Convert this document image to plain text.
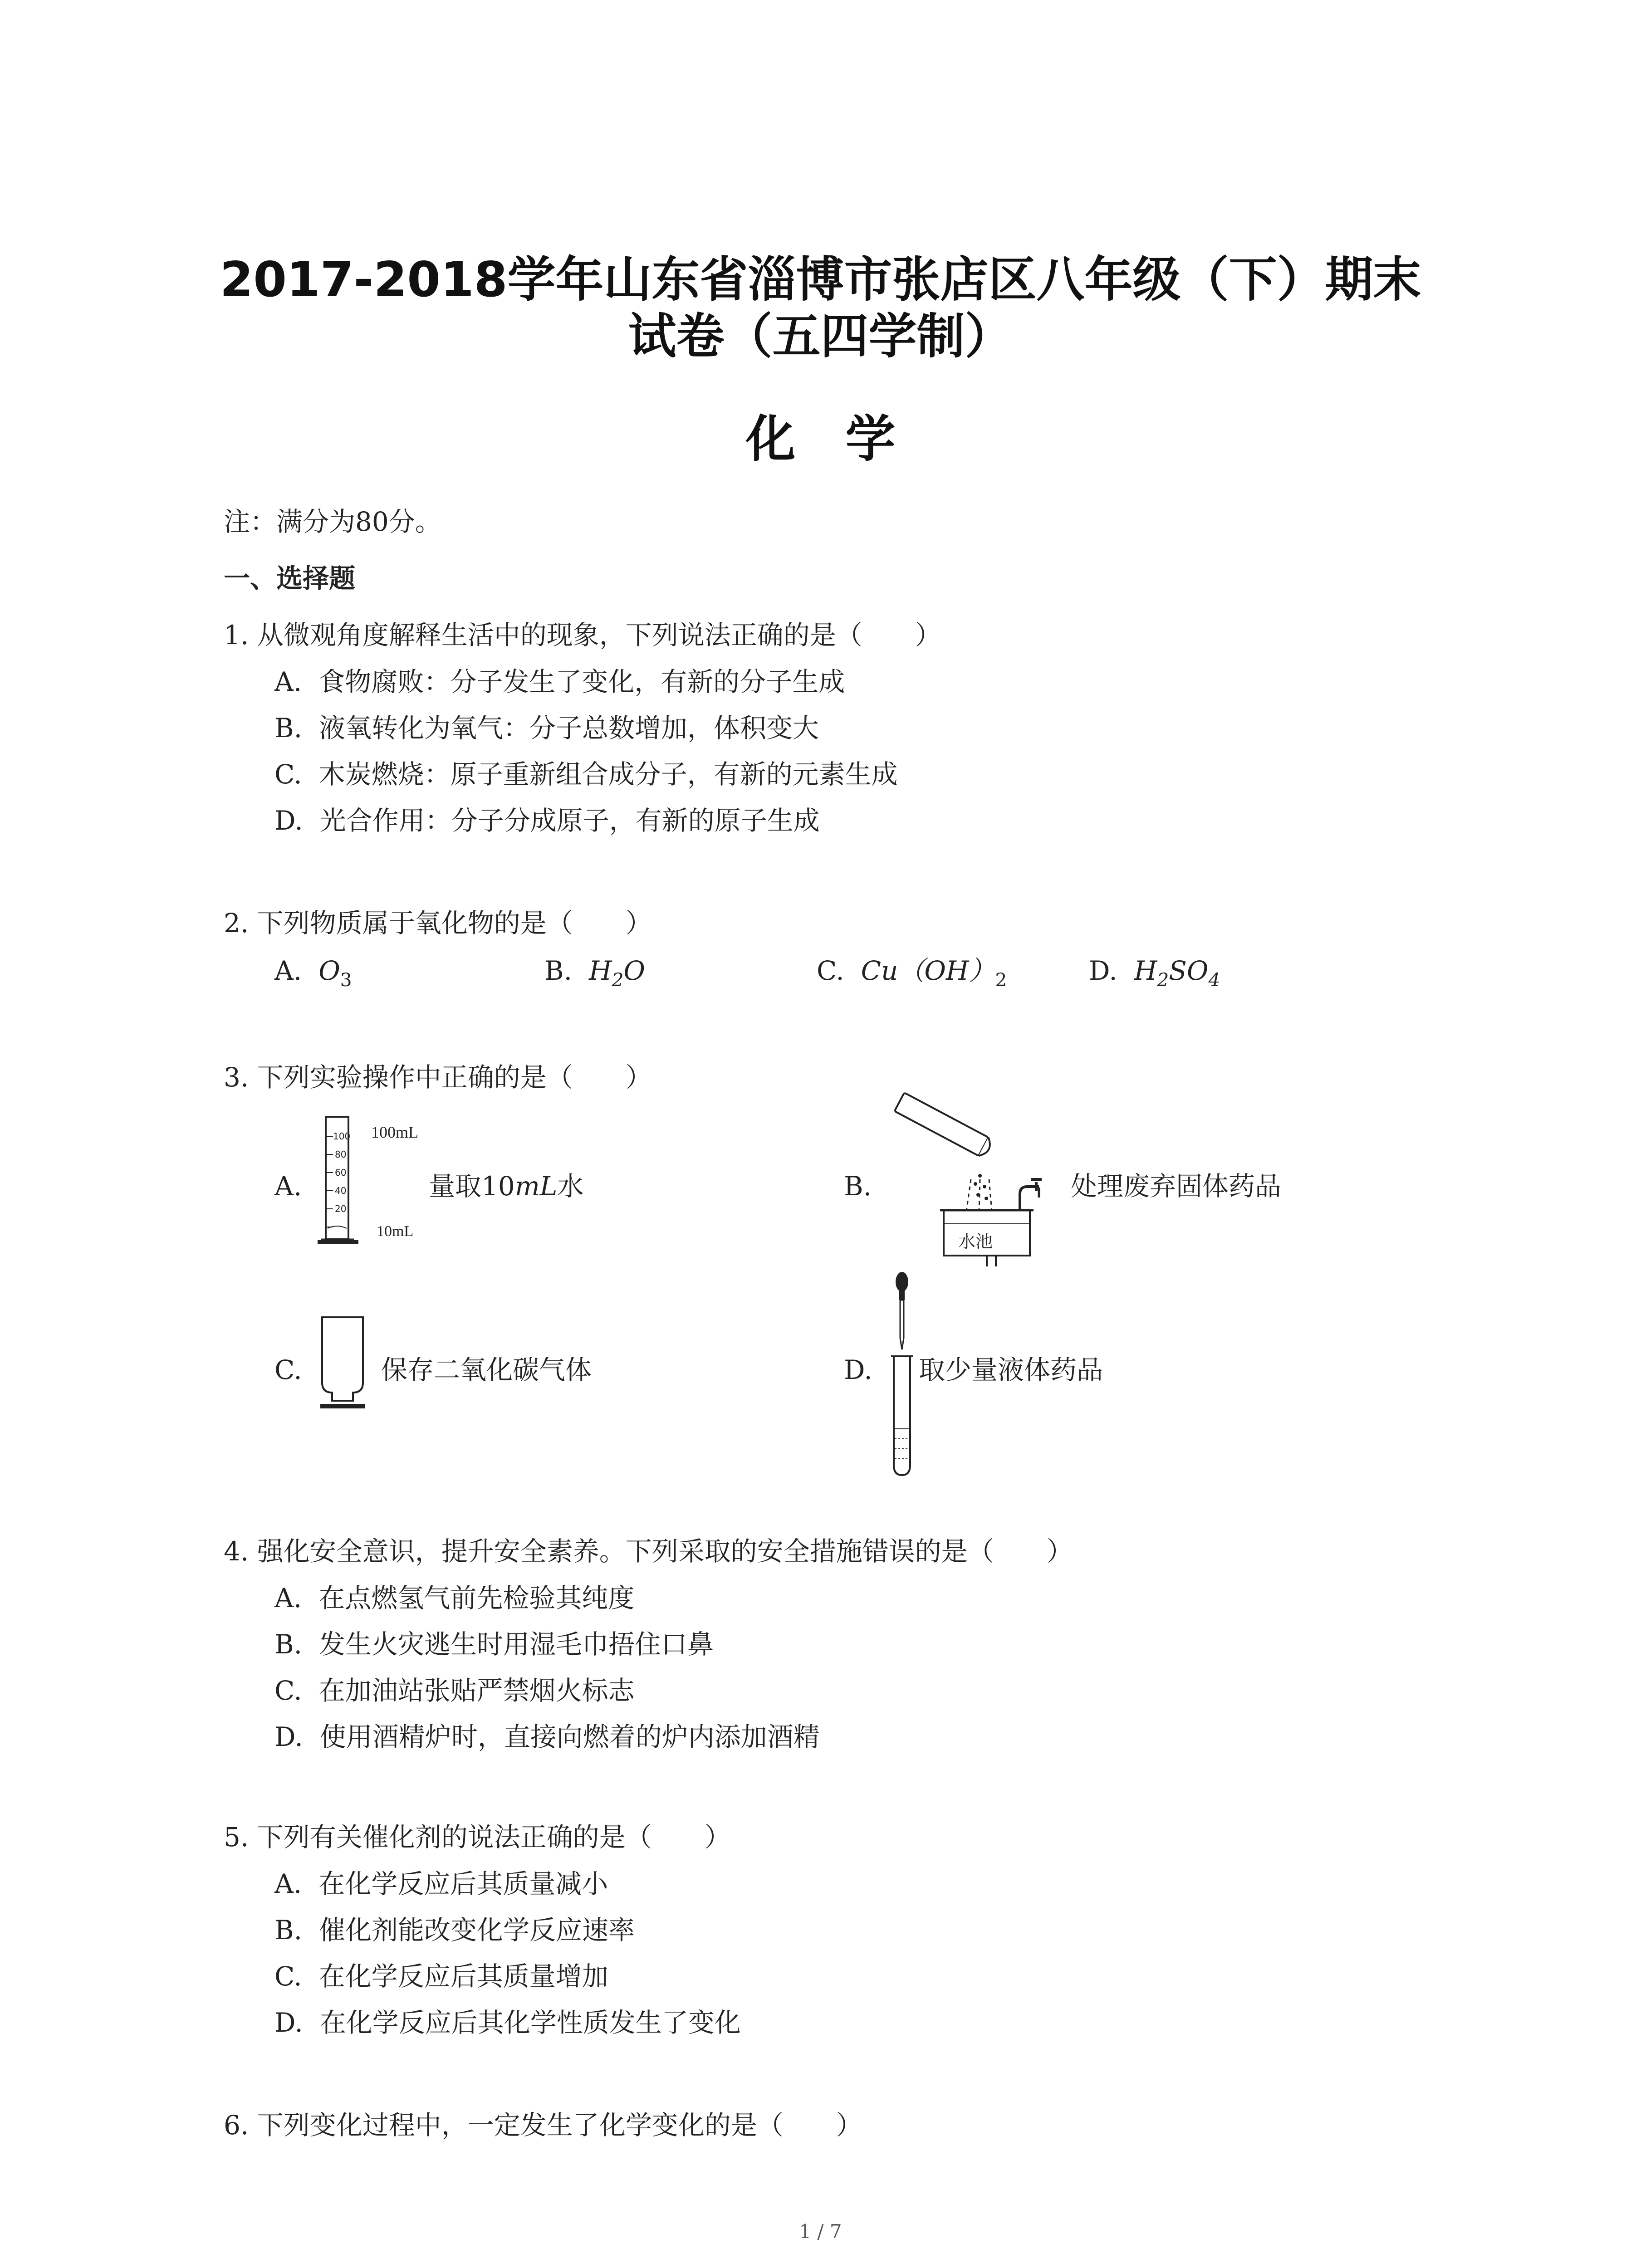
2017-2018学年山东省淄博市张店区八年级（下）期末
试卷（五四学制）
化学
注：满分为80分。
一、选择题
1. 从微观角度解释生活中的现象，下列说法正确的是（　　）
A. 食物腐败：分子发生了变化，有新的分子生成
B. 液氧转化为氧气：分子总数增加，体积变大
C. 木炭燃烧：原子重新组合成分子，有新的元素生成
D. 光合作用：分子分成原子，有新的原子生成
2. 下列物质属于氧化物的是（　　）
A. $O_3$	B. $H_2O$	C. $Cu(OH)_2$	D. $H_2SO_4$
3. 下列实验操作中正确的是（　　）
A.
100
80
60
40
20
100mL
10mL
量取10mL水	B.
水池
处理废弃固体药品
C.	保存二氧化碳气体	D. 取少量液体药品
4. 强化安全意识，提升安全素养。下列采取的安全措施错误的是（　　）
A. 在点燃氢气前先检验其纯度
B. 发生火灾逃生时用湿毛巾捂住口鼻
C. 在加油站张贴严禁烟火标志
D. 使用酒精炉时，直接向燃着的炉内添加酒精
5. 下列有关催化剂的说法正确的是（　　）
A. 在化学反应后其质量减小
B. 催化剂能改变化学反应速率
C. 在化学反应后其质量增加
D. 在化学反应后其化学性质发生了变化
6. 下列变化过程中，一定发生了化学变化的是（　　）
1 / 7
